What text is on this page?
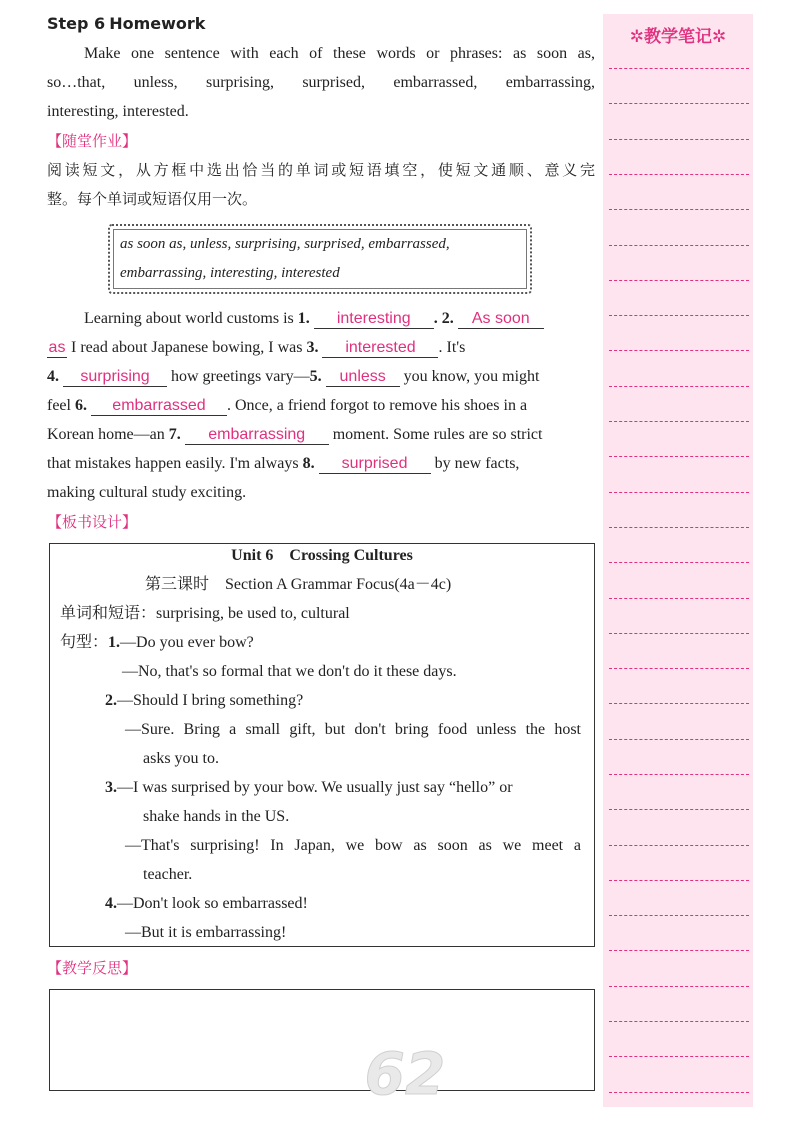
Step 6 Homework
Make one sentence with each of these words or phrases: as soon as,
so…that, unless, surprising, surprised, embarrassed, embarrassing,
interesting, interested.
【随堂作业】
阅读短文，从方框中选出恰当的单词或短语填空，使短文通顺、意义完
整。每个单词或短语仅用一次。
as soon as, unless, surprising, surprised, embarrassed,
embarrassing, interesting, interested
Learning about world customs is 1. interesting . 2. As soon
as I read about Japanese bowing, I was 3. interested . It's
4. surprising how greetings vary—5. unless you know, you might
feel 6. embarrassed . Once, a friend forgot to remove his shoes in a
Korean home—an 7. embarrassing moment. Some rules are so strict
that mistakes happen easily. I'm always 8. surprised by new facts,
making cultural study exciting.
【板书设计】
Unit 6    Crossing Cultures
第三课时    Section A Grammar Focus(4a－4c)
单词和短语：surprising, be used to, cultural
句型：1.—Do you ever bow?
—No, that's so formal that we don't do it these days.
2.—Should I bring something?
—Sure. Bring a small gift, but don't bring food unless the host
asks you to.
3.—I was surprised by your bow. We usually just say “hello” or
shake hands in the US.
—That's surprising! In Japan, we bow as soon as we meet a
teacher.
4.—Don't look so embarrassed!
—But it is embarrassing!
【教学反思】
62
✲教学笔记✲
